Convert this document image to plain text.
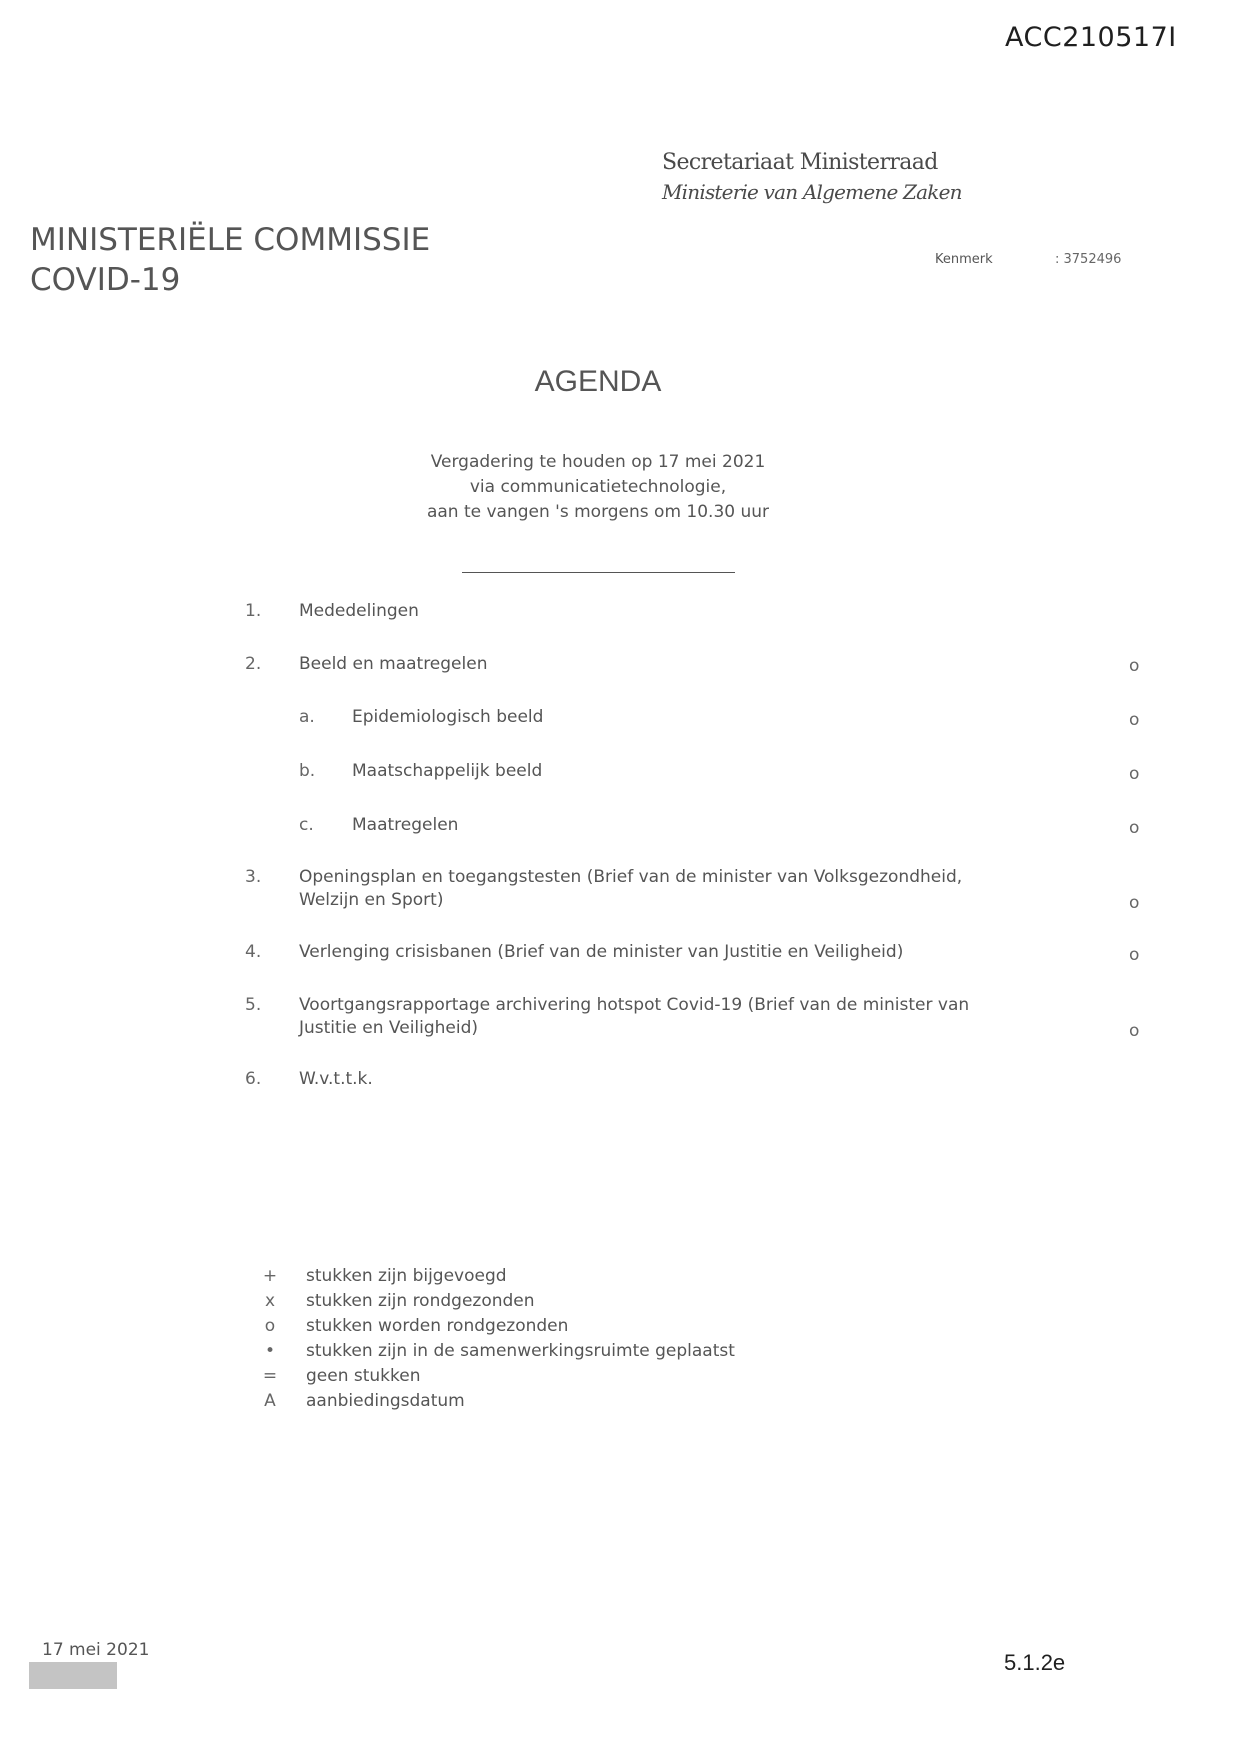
ACC210517I
Secretariaat Ministerraad
Ministerie van Algemene Zaken
MINISTERIËLE COMMISSIE
COVID-19
Kenmerk	: 3752496
AGENDA
Vergadering te houden op 17 mei 2021
via communicatietechnologie,
aan te vangen 's morgens om 10.30 uur
1. Mededelingen
2. Beeld en maatregelen	o
a. Epidemiologisch beeld	o
b. Maatschappelijk beeld	o
c. Maatregelen	o
3. Openingsplan en toegangstesten (Brief van de minister van Volksgezondheid,
Welzijn en Sport)	o
4. Verlenging crisisbanen (Brief van de minister van Justitie en Veiligheid)	o
5. Voortgangsrapportage archivering hotspot Covid-19 (Brief van de minister van
Justitie en Veiligheid)	o
6. W.v.t.t.k.
+ stukken zijn bijgevoegd
x stukken zijn rondgezonden
o stukken worden rondgezonden
• stukken zijn in de samenwerkingsruimte geplaatst
= geen stukken
A aanbiedingsdatum
17 mei 2021	5.1.2e
